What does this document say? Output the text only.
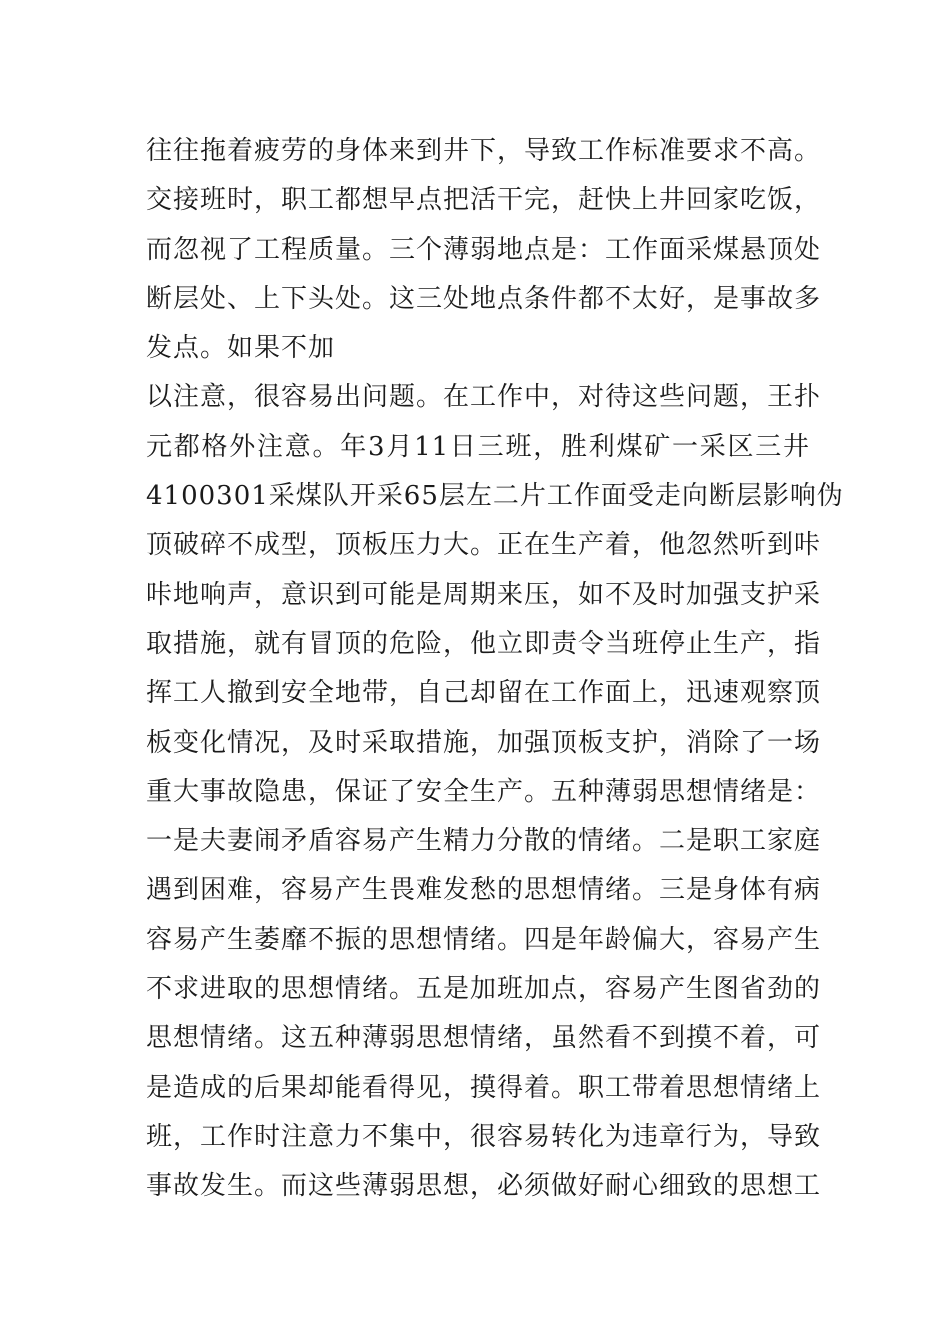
往往拖着疲劳的身体来到井下，导致工作标准要求不高。
交接班时，职工都想早点把活干完，赶快上井回家吃饭，
而忽视了工程质量。三个薄弱地点是：工作面采煤悬顶处
断层处、上下头处。这三处地点条件都不太好，是事故多
发点。如果不加
以注意，很容易出问题。在工作中，对待这些问题，王扑
元都格外注意。年3月11日三班，胜利煤矿一采区三井
4100301采煤队开采65层左二片工作面受走向断层影响伪
顶破碎不成型，顶板压力大。正在生产着，他忽然听到咔
咔地响声，意识到可能是周期来压，如不及时加强支护采
取措施，就有冒顶的危险，他立即责令当班停止生产，指
挥工人撤到安全地带，自己却留在工作面上，迅速观察顶
板变化情况，及时采取措施，加强顶板支护，消除了一场
重大事故隐患，保证了安全生产。五种薄弱思想情绪是：
一是夫妻闹矛盾容易产生精力分散的情绪。二是职工家庭
遇到困难，容易产生畏难发愁的思想情绪。三是身体有病
容易产生萎靡不振的思想情绪。四是年龄偏大，容易产生
不求进取的思想情绪。五是加班加点，容易产生图省劲的
思想情绪。这五种薄弱思想情绪，虽然看不到摸不着，可
是造成的后果却能看得见，摸得着。职工带着思想情绪上
班，工作时注意力不集中，很容易转化为违章行为，导致
事故发生。而这些薄弱思想，必须做好耐心细致的思想工
